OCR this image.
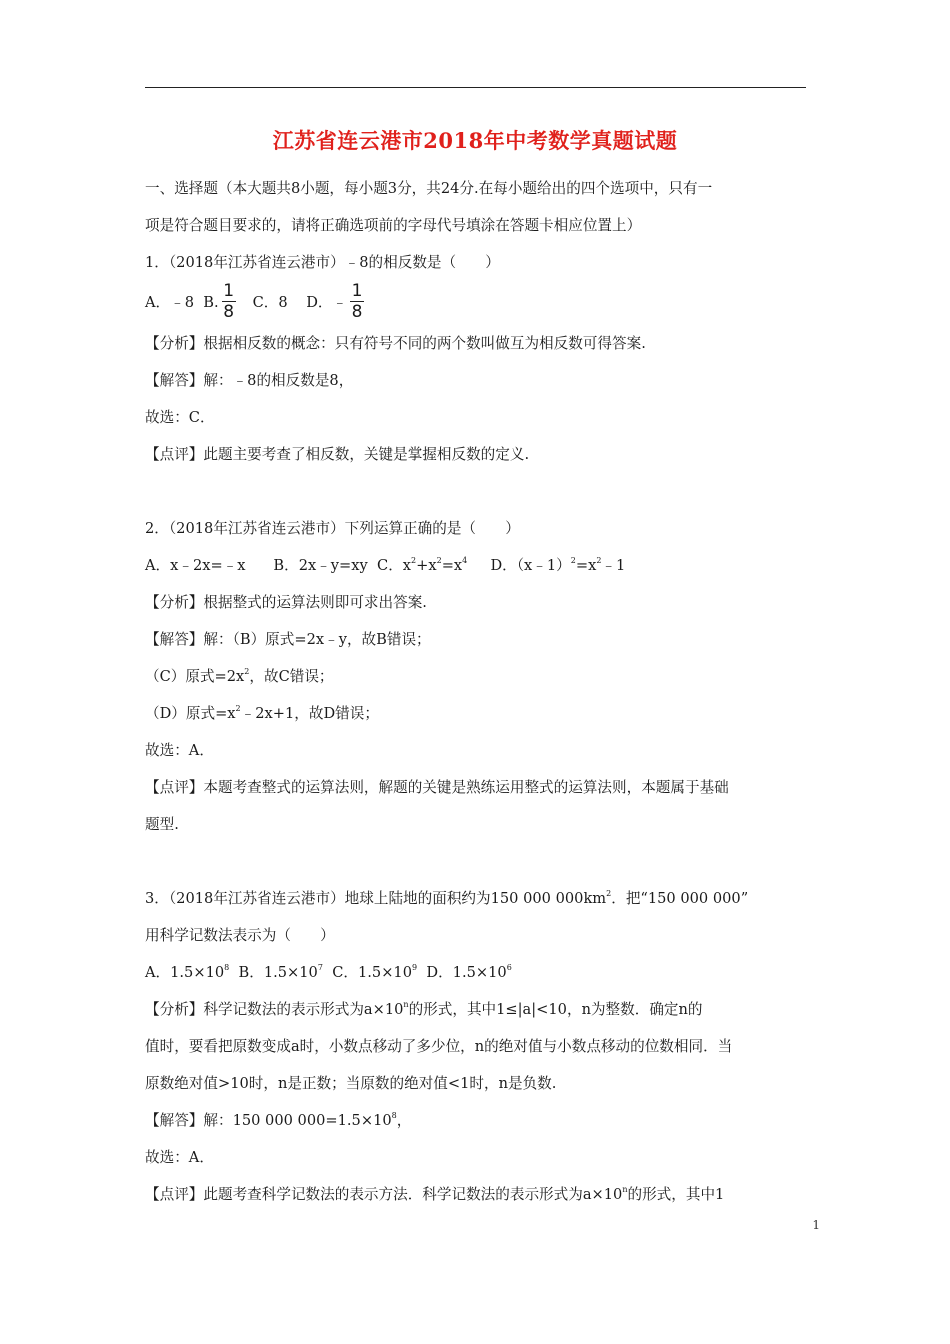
江苏省连云港市2018年中考数学真题试题
一、选择题（本大题共8小题，每小题3分，共24分.在每小题给出的四个选项中，只有一
项是符合题目要求的，请将正确选项前的字母代号填涂在答题卡相应位置上）
1．（2018年江苏省连云港市）﹣8的相反数是（　　）
A．﹣8 B. $\frac{1}{8}$ C．8 D．﹣ $\frac{1}{8}$
【分析】根据相反数的概念：只有符号不同的两个数叫做互为相反数可得答案.
【解答】解：﹣8的相反数是8，
故选：C．
【点评】此题主要考查了相反数，关键是掌握相反数的定义.
2．（2018年江苏省连云港市）下列运算正确的是（　　）
A．x﹣2x=﹣x B．2x﹣y=xy C．$x^2+x^2=x^4$ D．$(x﹣1)^2=x^2﹣1$
【分析】根据整式的运算法则即可求出答案.
【解答】解：（B）原式=2x﹣y，故B错误；
（C）原式$=2x^2$，故C错误；
（D）原式$=x^2﹣2x+1$，故D错误；
故选：A．
【点评】本题考查整式的运算法则，解题的关键是熟练运用整式的运算法则，本题属于基础
题型.
3．（2018年江苏省连云港市）地球上陆地的面积约为150 000 $000km^2$．把“150 000 000”
用科学记数法表示为（　　）
A．$1.5\times 10^8$ B．$1.5\times 10^7$ C．$1.5\times 10^9$ D．$1.5\times 10^6$
【分析】科学记数法的表示形式为$a\times 10^n$的形式，其中1≤|a|<10，n为整数．确定n的
值时，要看把原数变成a时，小数点移动了多少位，n的绝对值与小数点移动的位数相同．当
原数绝对值>10时，n是正数；当原数的绝对值<1时，n是负数.
【解答】解：150 000 $000=1.5\times 10^8$，
故选：A．
【点评】此题考查科学记数法的表示方法．科学记数法的表示形式为$a\times 10^n$的形式，其中1
1
